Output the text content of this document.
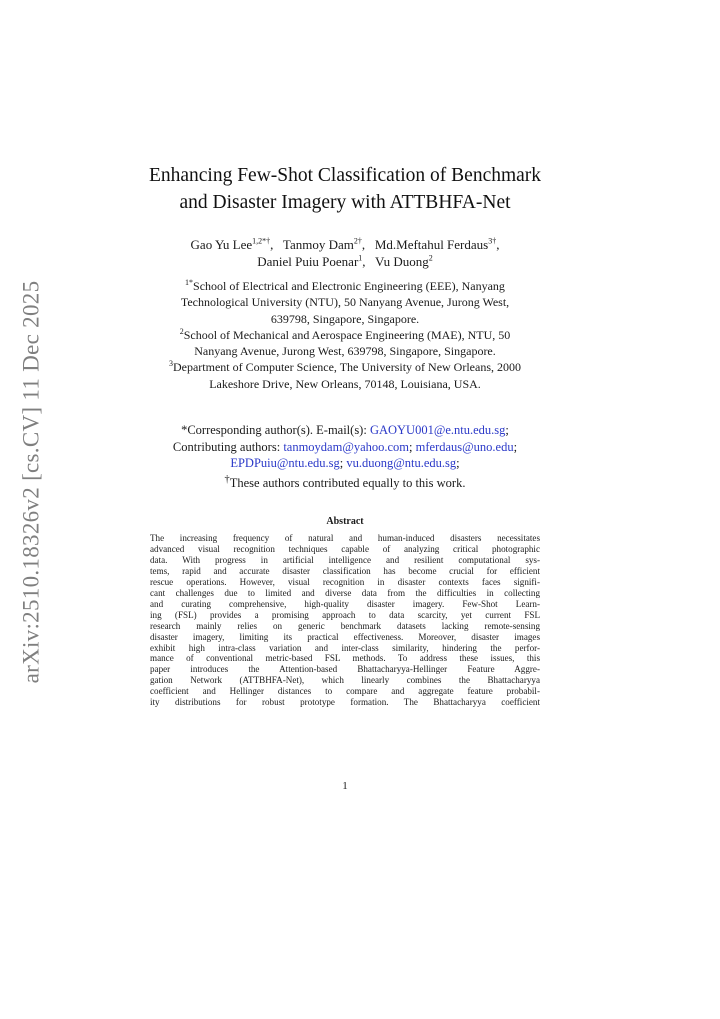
arXiv:2510.18326v2 [cs.CV] 11 Dec 2025
Enhancing Few-Shot Classification of Benchmark
and Disaster Imagery with ATTBHFA-Net
Gao Yu Lee$^{1,2*\dagger}$,   Tanmoy Dam$^{2\dagger}$,   Md.Meftahul Ferdaus$^{3\dagger}$,
Daniel Puiu Poenar$^1$,   Vu Duong$^2$
$^{1*}$School of Electrical and Electronic Engineering (EEE), Nanyang
Technological University (NTU), 50 Nanyang Avenue, Jurong West,
639798, Singapore, Singapore.
$^2$School of Mechanical and Aerospace Engineering (MAE), NTU, 50
Nanyang Avenue, Jurong West, 639798, Singapore, Singapore.
$^3$Department of Computer Science, The University of New Orleans, 2000
Lakeshore Drive, New Orleans, 70148, Louisiana, USA.
*Corresponding author(s). E-mail(s): GAOYU001@e.ntu.edu.sg;
Contributing authors: tanmoydam@yahoo.com; mferdaus@uno.edu;
EPDPuiu@ntu.edu.sg; vu.duong@ntu.edu.sg;
†These authors contributed equally to this work.
Abstract
The increasing frequency of natural and human-induced disasters necessitates
advanced visual recognition techniques capable of analyzing critical photographic
data. With progress in artificial intelligence and resilient computational sys-
tems, rapid and accurate disaster classification has become crucial for efficient
rescue operations. However, visual recognition in disaster contexts faces signifi-
cant challenges due to limited and diverse data from the difficulties in collecting
and curating comprehensive, high-quality disaster imagery. Few-Shot Learn-
ing (FSL) provides a promising approach to data scarcity, yet current FSL
research mainly relies on generic benchmark datasets lacking remote-sensing
disaster imagery, limiting its practical effectiveness. Moreover, disaster images
exhibit high intra-class variation and inter-class similarity, hindering the perfor-
mance of conventional metric-based FSL methods. To address these issues, this
paper introduces the Attention-based Bhattacharyya-Hellinger Feature Aggre-
gation Network (ATTBHFA-Net), which linearly combines the Bhattacharyya
coefficient and Hellinger distances to compare and aggregate feature probabil-
ity distributions for robust prototype formation. The Bhattacharyya coefficient
1
